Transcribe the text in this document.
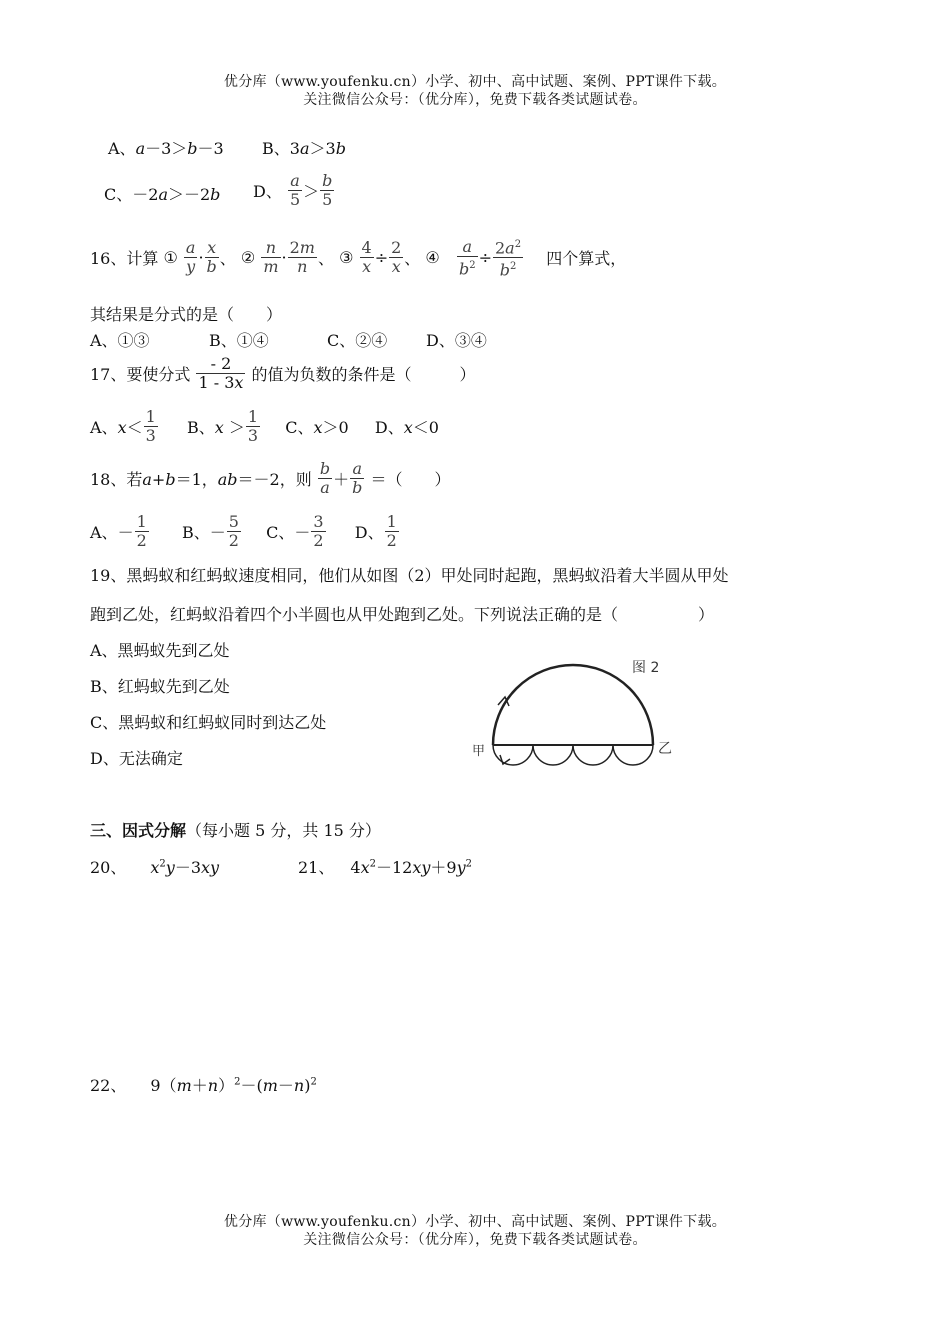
优分库（www.youfenku.cn）小学、初中、高中试题、案例、PPT课件下载。
关注微信公众号：（优分库），免费下载各类试题试卷。
A、a－3＞b－3 B、3a＞3b
C、－2a＞－2b D、 $\frac{a}{5} > \frac{b}{5}$
16、计算 ① $\frac{a}{y} \cdot \frac{x}{b}$ 、 ② $\frac{n}{m} \cdot \frac{2m}{n}$ 、 ③ $\frac{4}{x} \div \frac{2}{x}$ 、 ④ $\frac{a}{b^2} \div \frac{2a^2}{b^2}$ 四个算式，
其结果是分式的是（　　）
A、①③	B、①④	C、②④ D、③④
17、要使分式 $\frac{- 2}{1 - 3x}$ 的值为负数的条件是（　　　）
A、$x< \frac{1}{3}$ B、$x > \frac{1}{3}$ C、x＞0 D、x＜0
18、若a+b＝1，ab＝－2，则 $\frac{b}{a} + \frac{a}{b}$ ＝（　　）
A、－ $\frac{1}{2}$ B、－ $\frac{5}{2}$ C、－ $\frac{3}{2}$ D、 $\frac{1}{2}$
19、黑蚂蚁和红蚂蚁速度相同，他们从如图（2）甲处同时起跑，黑蚂蚁沿着大半圆从甲处
跑到乙处，红蚂蚁沿着四个小半圆也从甲处跑到乙处。下列说法正确的是（　　　　　）
A、黑蚂蚁先到乙处
B、红蚂蚁先到乙处
C、黑蚂蚁和红蚂蚁同时到达乙处
D、无法确定
图 2
甲	乙
三、因式分解（每小题 5 分，共 15 分）
20、 $x^2y-3xy$	21、 $4x^2-12xy+9y^2$
22、 $9(m+n)^2-(m-n)^2$
优分库（www.youfenku.cn）小学、初中、高中试题、案例、PPT课件下载。
关注微信公众号：（优分库），免费下载各类试题试卷。
